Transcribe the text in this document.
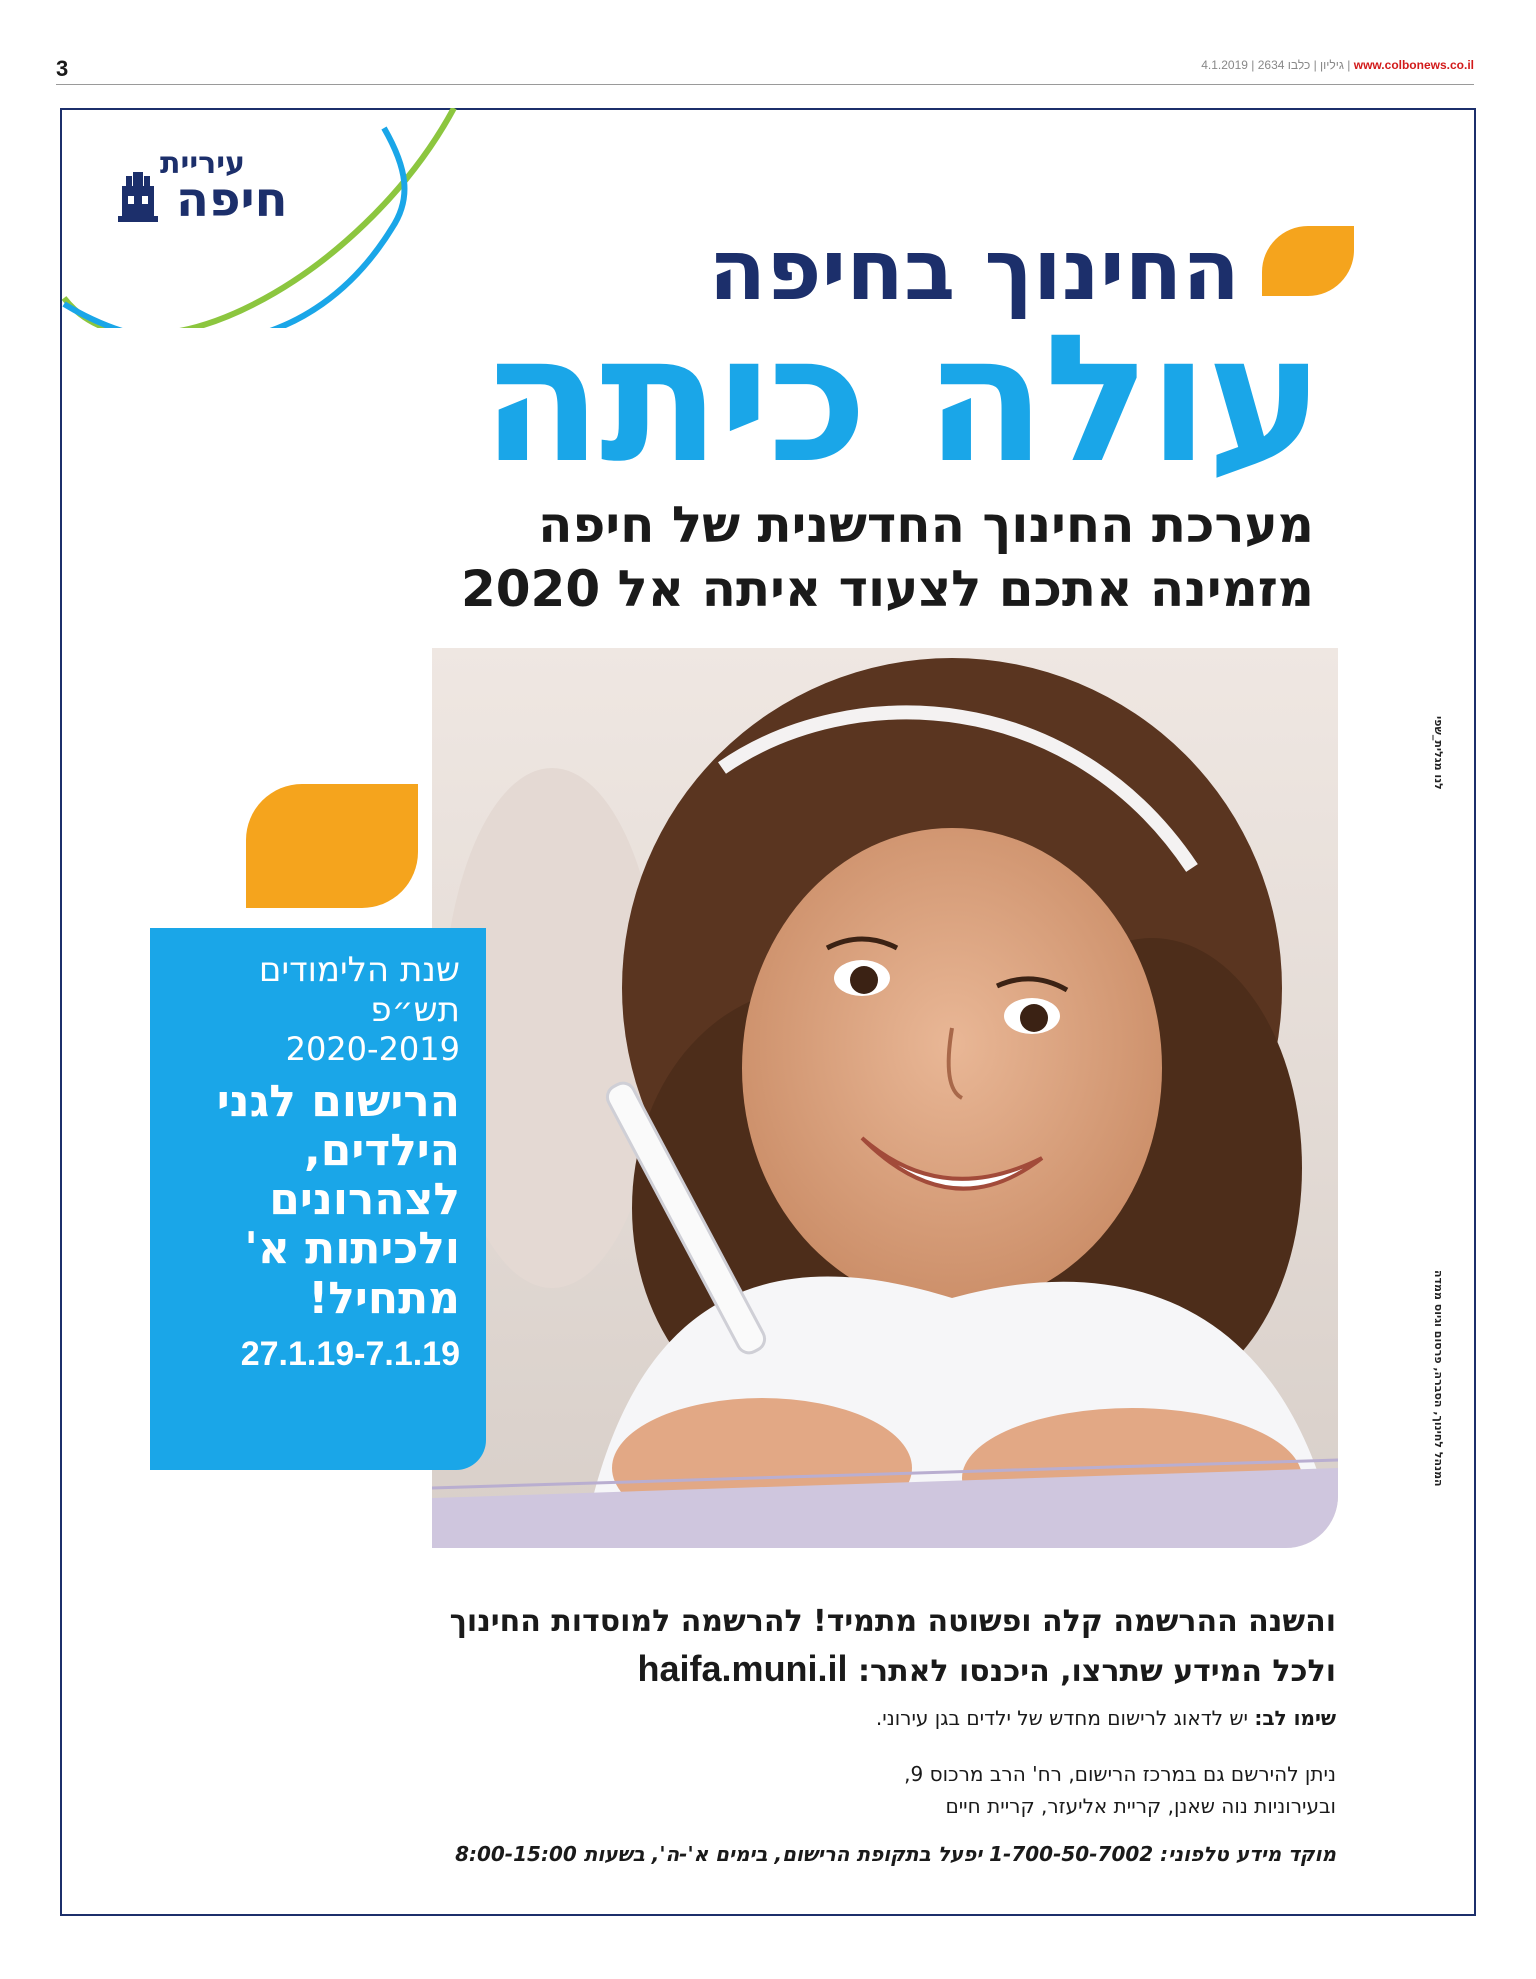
3	4.1.2019 | 2634 גיליון | כלבו	| www.colbonews.co.il
עיריית
חיפה
החינוך בחיפה
עולה כיתה
מערכת החינוך החדשנית של חיפה
מזמינה אתכם לצעוד איתה אל 2020
שנת הלימודים
תש״פ
2020-2019
הרישום לגני הילדים, לצהרונים ולכיתות א' מתחיל!
27.1.19-7.1.19
לנו מגלית_שפי
המנהל לחינוך, הסברה, פרסום וגיוס ממדה
והשנה ההרשמה קלה ופשוטה מתמיד! להרשמה למוסדות החינוך
ולכל המידע שתרצו, היכנסו לאתר: haifa.muni.il
שימו לב: יש לדאוג לרישום מחדש של ילדים בגן עירוני.
ניתן להירשם גם במרכז הרישום, רח' הרב מרכוס 9,
ובעירוניות נוה שאנן, קריית אליעזר, קריית חיים
מוקד מידע טלפוני: 1-700-50-7002 יפעל בתקופת הרישום, בימים א'-ה', בשעות 8:00-15:00
